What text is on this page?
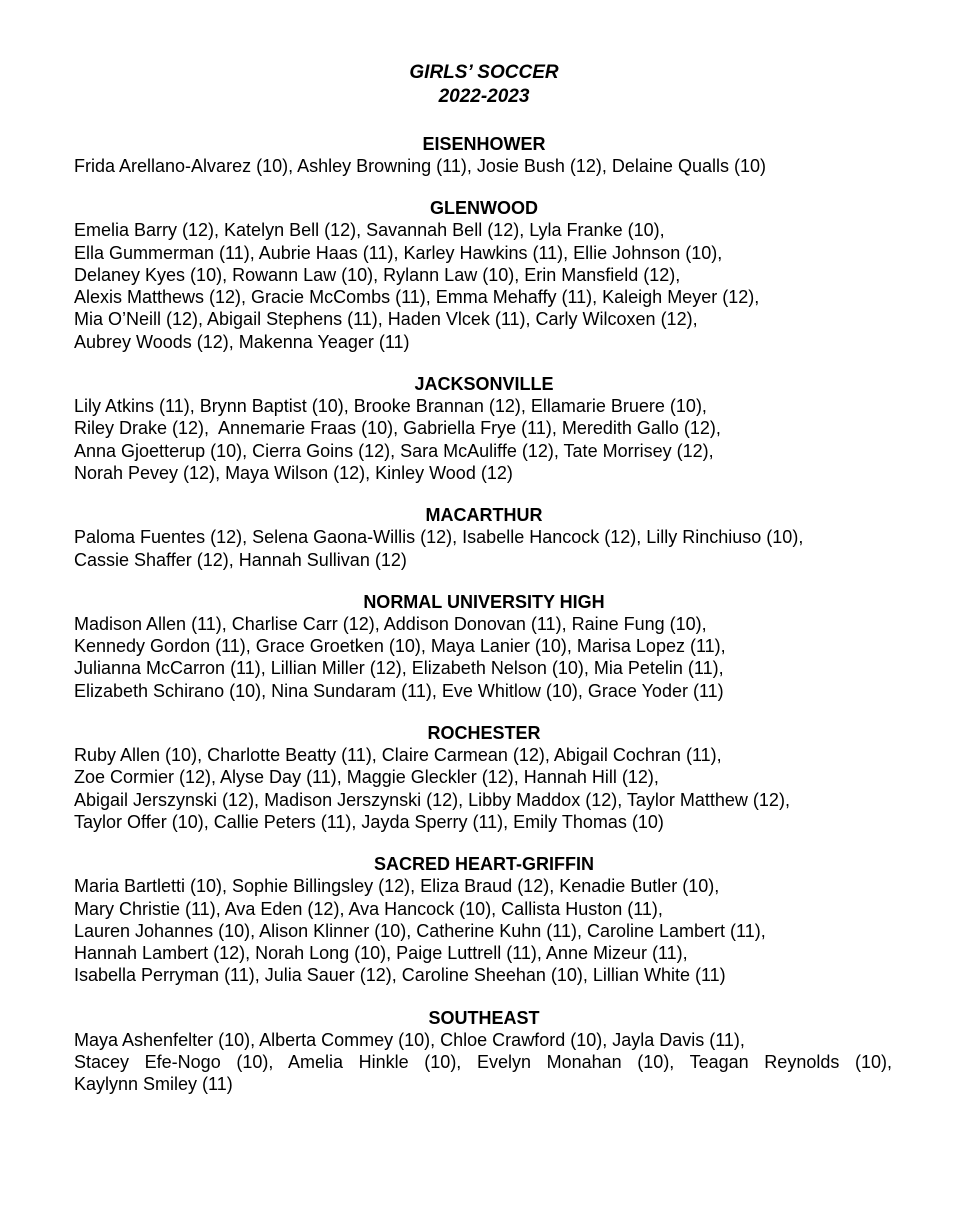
GIRLS’ SOCCER

2022-2023

EISENHOWER

Frida Arellano-Alvarez (10), Ashley Browning (11), Josie Bush (12), Delaine Qualls (10)

GLENWOOD

Emelia Barry (12), Katelyn Bell (12), Savannah Bell (12), Lyla Franke (10),

Ella Gummerman (11), Aubrie Haas (11), Karley Hawkins (11), Ellie Johnson (10),

Delaney Kyes (10), Rowann Law (10), Rylann Law (10), Erin Mansfield (12),

Alexis Matthews (12), Gracie McCombs (11), Emma Mehaffy (11), Kaleigh Meyer (12),

Mia O’Neill (12), Abigail Stephens (11), Haden Vlcek (11), Carly Wilcoxen (12),

Aubrey Woods (12), Makenna Yeager (11)

JACKSONVILLE

Lily Atkins (11), Brynn Baptist (10), Brooke Brannan (12), Ellamarie Bruere (10),

Riley Drake (12),  Annemarie Fraas (10), Gabriella Frye (11), Meredith Gallo (12),

Anna Gjoetterup (10), Cierra Goins (12), Sara McAuliffe (12), Tate Morrisey (12),

Norah Pevey (12), Maya Wilson (12), Kinley Wood (12)

MACARTHUR

Paloma Fuentes (12), Selena Gaona-Willis (12), Isabelle Hancock (12), Lilly Rinchiuso (10),

Cassie Shaffer (12), Hannah Sullivan (12)

NORMAL UNIVERSITY HIGH

Madison Allen (11), Charlise Carr (12), Addison Donovan (11), Raine Fung (10),

Kennedy Gordon (11), Grace Groetken (10), Maya Lanier (10), Marisa Lopez (11),

Julianna McCarron (11), Lillian Miller (12), Elizabeth Nelson (10), Mia Petelin (11),

Elizabeth Schirano (10), Nina Sundaram (11), Eve Whitlow (10), Grace Yoder (11)

ROCHESTER

Ruby Allen (10), Charlotte Beatty (11), Claire Carmean (12), Abigail Cochran (11),

Zoe Cormier (12), Alyse Day (11), Maggie Gleckler (12), Hannah Hill (12),

Abigail Jerszynski (12), Madison Jerszynski (12), Libby Maddox (12), Taylor Matthew (12),

Taylor Offer (10), Callie Peters (11), Jayda Sperry (11), Emily Thomas (10)

SACRED HEART-GRIFFIN

Maria Bartletti (10), Sophie Billingsley (12), Eliza Braud (12), Kenadie Butler (10),

Mary Christie (11), Ava Eden (12), Ava Hancock (10), Callista Huston (11),

Lauren Johannes (10), Alison Klinner (10), Catherine Kuhn (11), Caroline Lambert (11),

Hannah Lambert (12), Norah Long (10), Paige Luttrell (11), Anne Mizeur (11),

Isabella Perryman (11), Julia Sauer (12), Caroline Sheehan (10), Lillian White (11)

SOUTHEAST

Maya Ashenfelter (10), Alberta Commey (10), Chloe Crawford (10), Jayla Davis (11),

Stacey Efe-Nogo (10), Amelia Hinkle (10), Evelyn Monahan (10), Teagan Reynolds (10),

Kaylynn Smiley (11)
